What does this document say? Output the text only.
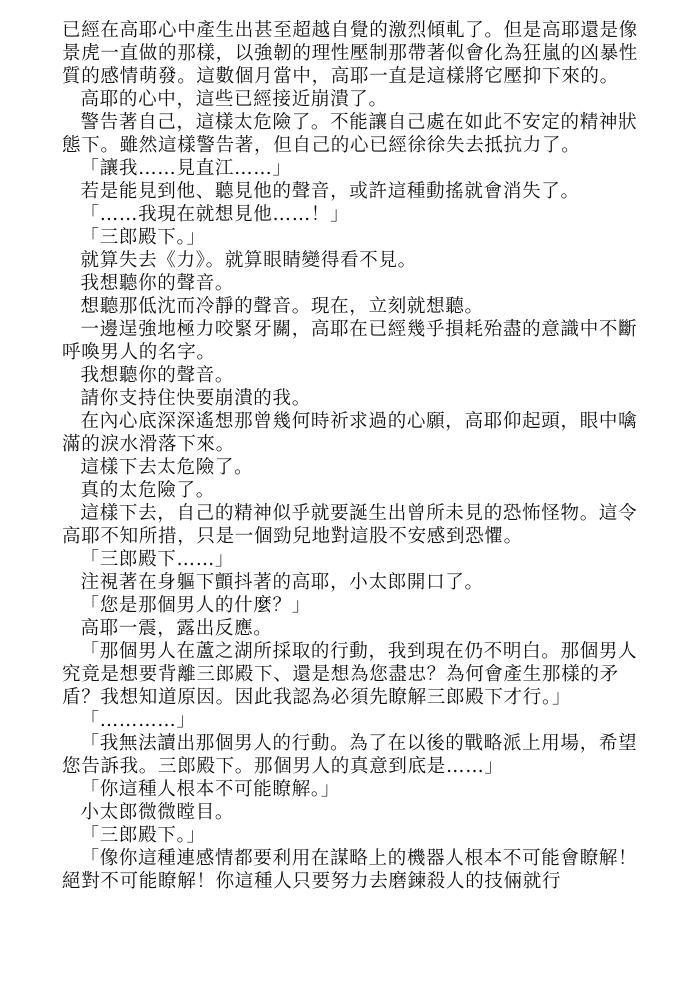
已經在高耶心中產生出甚至超越自覺的激烈傾軋了。但是高耶還是像景虎一直做的那樣，以強韌的理性壓制那帶著似會化為狂嵐的凶暴性質的感情萌發。這數個月當中，高耶一直是這樣將它壓抑下來的。

高耶的心中，這些已經接近崩潰了。

警告著自己，這樣太危險了。不能讓自己處在如此不安定的精神狀態下。雖然這樣警告著，但自己的心已經徐徐失去抵抗力了。

「讓我……見直江……」

若是能見到他、聽見他的聲音，或許這種動搖就會消失了。

「……我現在就想見他……！」

「三郎殿下。」

就算失去《力》。就算眼睛變得看不見。

我想聽你的聲音。

想聽那低沈而冷靜的聲音。現在，立刻就想聽。

一邊逞強地極力咬緊牙關，高耶在已經幾乎損耗殆盡的意識中不斷呼喚男人的名字。

我想聽你的聲音。

請你支持住快要崩潰的我。

在內心底深深遙想那曾幾何時祈求過的心願，高耶仰起頭，眼中噙滿的淚水滑落下來。

這樣下去太危險了。

真的太危險了。

這樣下去，自己的精神似乎就要誕生出曾所未見的恐怖怪物。這令高耶不知所措，只是一個勁兒地對這股不安感到恐懼。

「三郎殿下……」

注視著在身軀下顫抖著的高耶，小太郎開口了。

「您是那個男人的什麼？」

高耶一震，露出反應。

「那個男人在蘆之湖所採取的行動，我到現在仍不明白。那個男人究竟是想要背離三郎殿下、還是想為您盡忠？為何會產生那樣的矛盾？我想知道原因。因此我認為必須先瞭解三郎殿下才行。」

「…………」

「我無法讀出那個男人的行動。為了在以後的戰略派上用場，希望您告訴我。三郎殿下。那個男人的真意到底是……」

「你這種人根本不可能瞭解。」

小太郎微微瞠目。

「三郎殿下。」

「像你這種連感情都要利用在謀略上的機器人根本不可能會瞭解！絕對不可能瞭解！你這種人只要努力去磨鍊殺人的技倆就行
